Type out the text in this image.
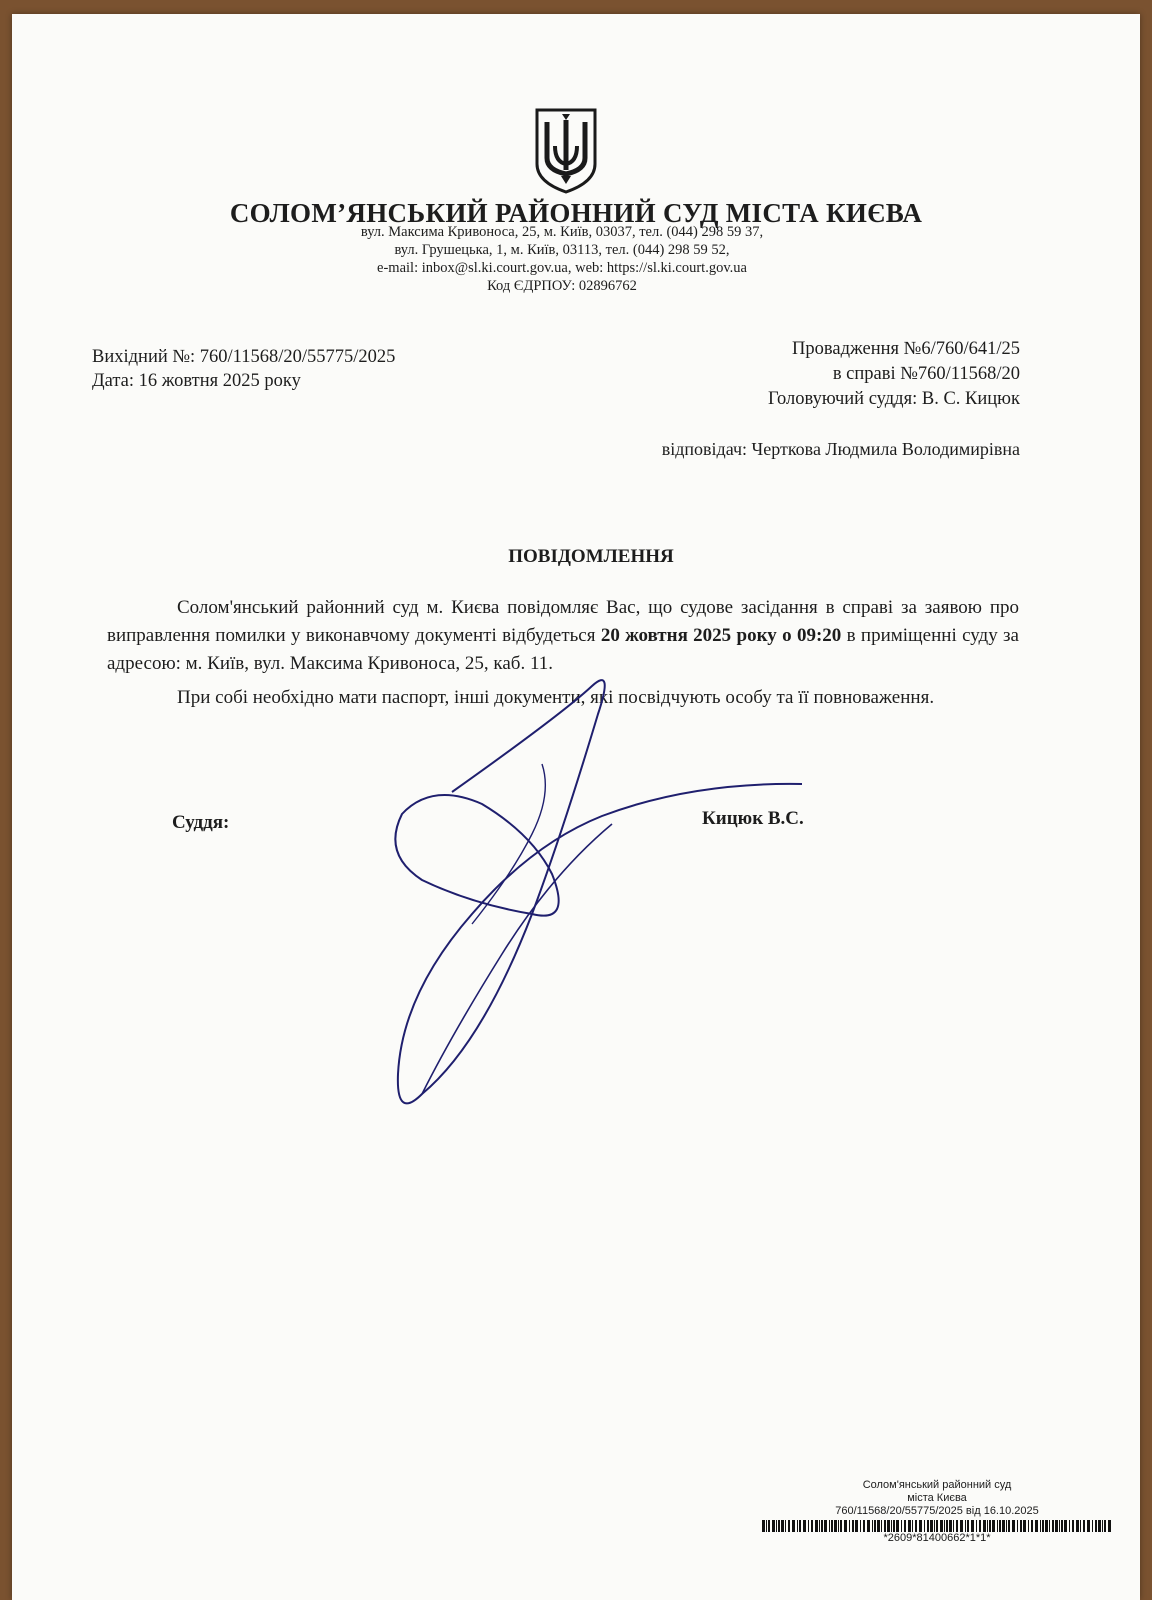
СОЛОМ’ЯНСЬКИЙ РАЙОННИЙ СУД МІСТА КИЄВА
вул. Максима Кривоноса, 25, м. Київ, 03037, тел. (044) 298 59 37,
вул. Грушецька, 1, м. Київ, 03113, тел. (044) 298 59 52,
e-mail: inbox@sl.ki.court.gov.ua, web: https://sl.ki.court.gov.ua
Код ЄДРПОУ: 02896762
Вихідний №: 760/11568/20/55775/2025
Дата: 16 жовтня 2025 року
Провадження №6/760/641/25
в справі №760/11568/20
Головуючий суддя: В. С. Кицюк
відповідач: Черткова Людмила Володимирівна
ПОВІДОМЛЕННЯ

Солом'янський районний суд м. Києва повідомляє Вас, що судове засідання в справі за заявою про виправлення помилки у виконавчому документі відбудеться 20 жовтня 2025 року о 09:20 в приміщенні суду за адресою: м. Київ, вул. Максима Кривоноса, 25, каб. 11.

При собі необхідно мати паспорт, інші документи, які посвідчують особу та її повноваження.

Суддя:	Кицюк В.С.
Солом'янський районний суд
міста Києва
760/11568/20/55775/2025 від 16.10.2025
*2609*81400662*1*1*
